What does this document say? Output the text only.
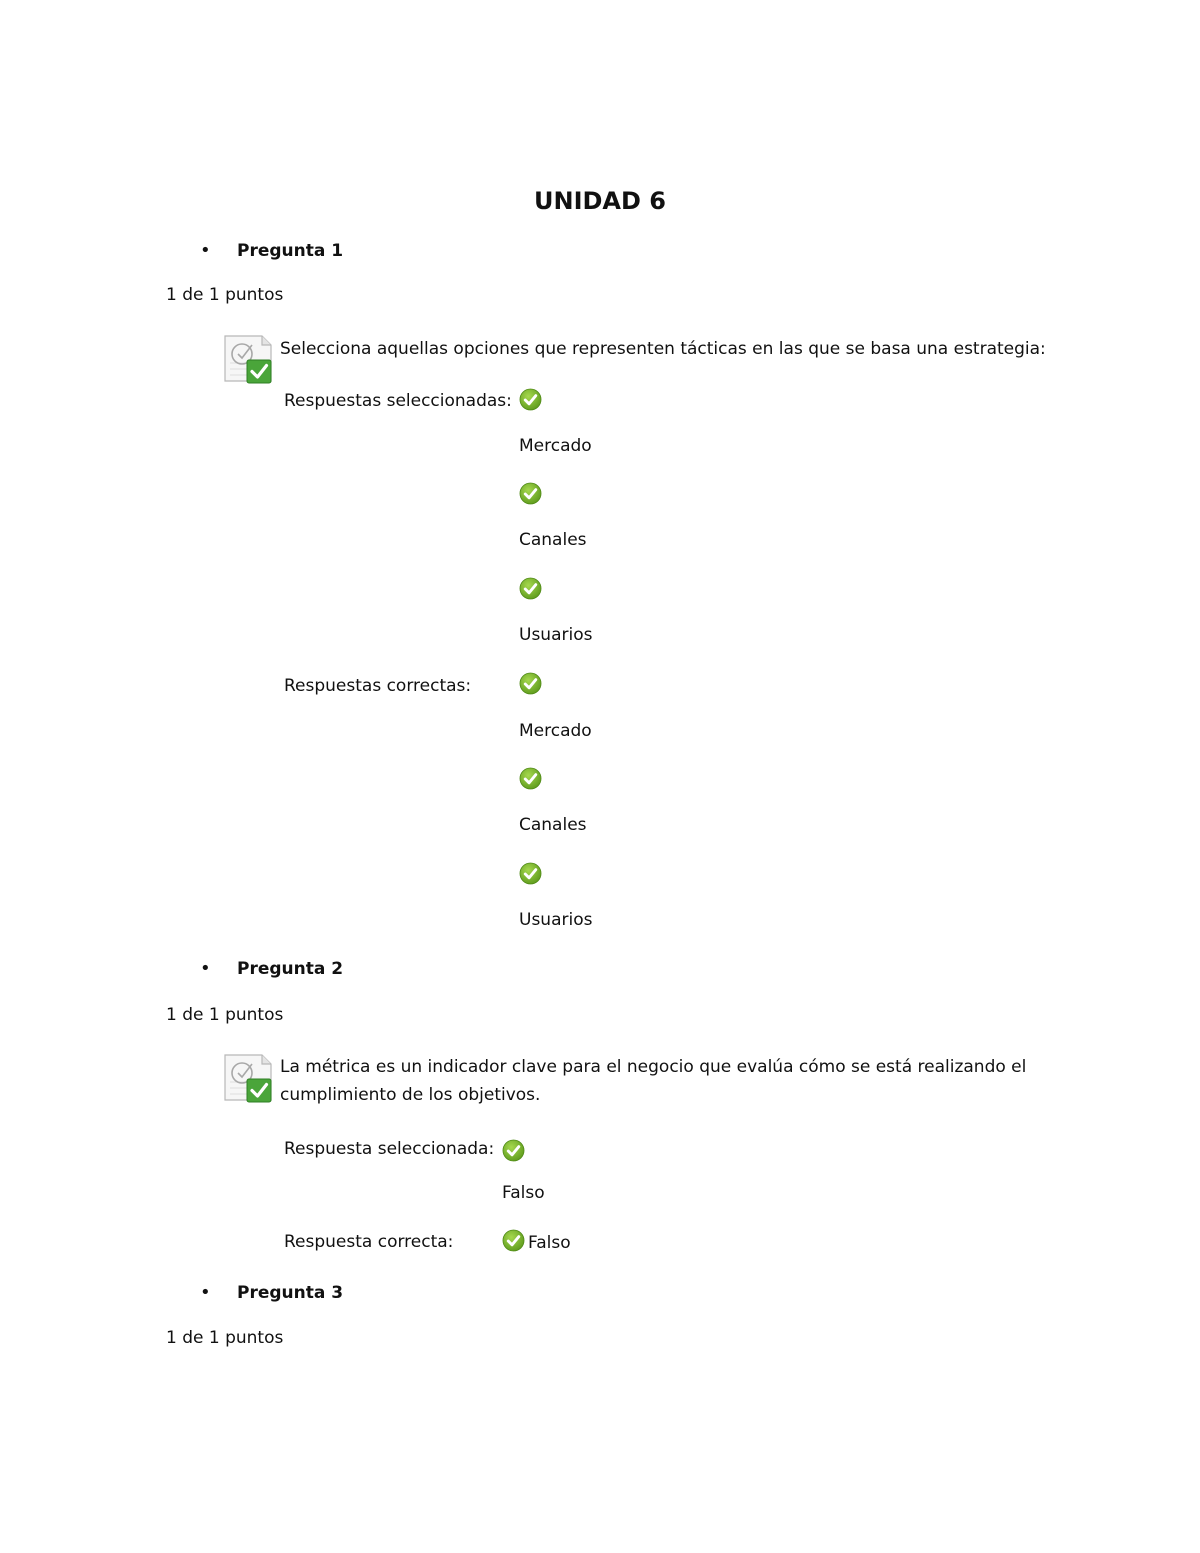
UNIDAD 6
• Pregunta 1
1 de 1 puntos
Selecciona aquellas opciones que representen tácticas en las que se basa una estrategia:
Respuestas seleccionadas:
Mercado
Canales
Usuarios
Respuestas correctas:
Mercado
Canales
Usuarios
• Pregunta 2
1 de 1 puntos
La métrica es un indicador clave para el negocio que evalúa cómo se está realizando el
cumplimiento de los objetivos.
Respuesta seleccionada:
Falso
Respuesta correcta:	Falso
• Pregunta 3
1 de 1 puntos
